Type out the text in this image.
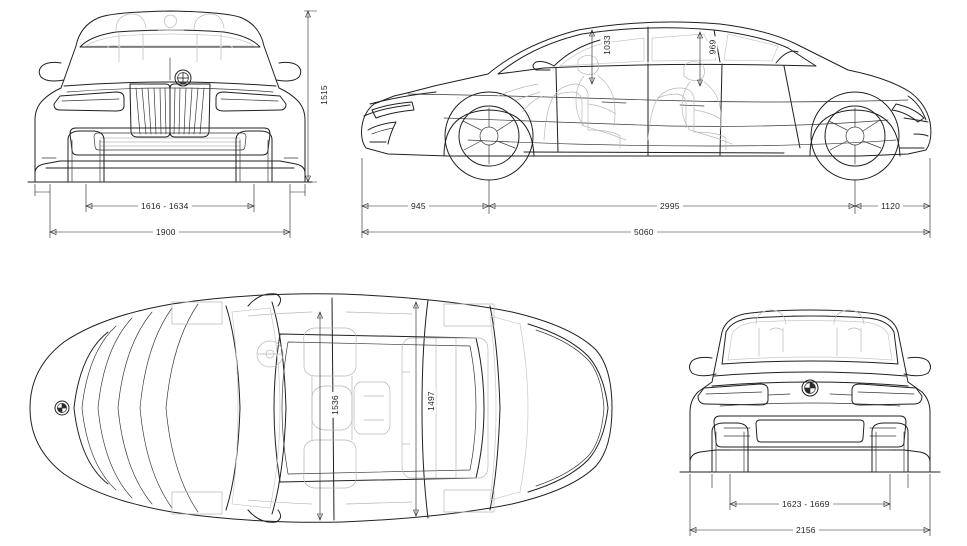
1515
1616 - 1634
1900
1033	969
945	2995	1120
5060
1536	1497
1623 - 1669
2156
